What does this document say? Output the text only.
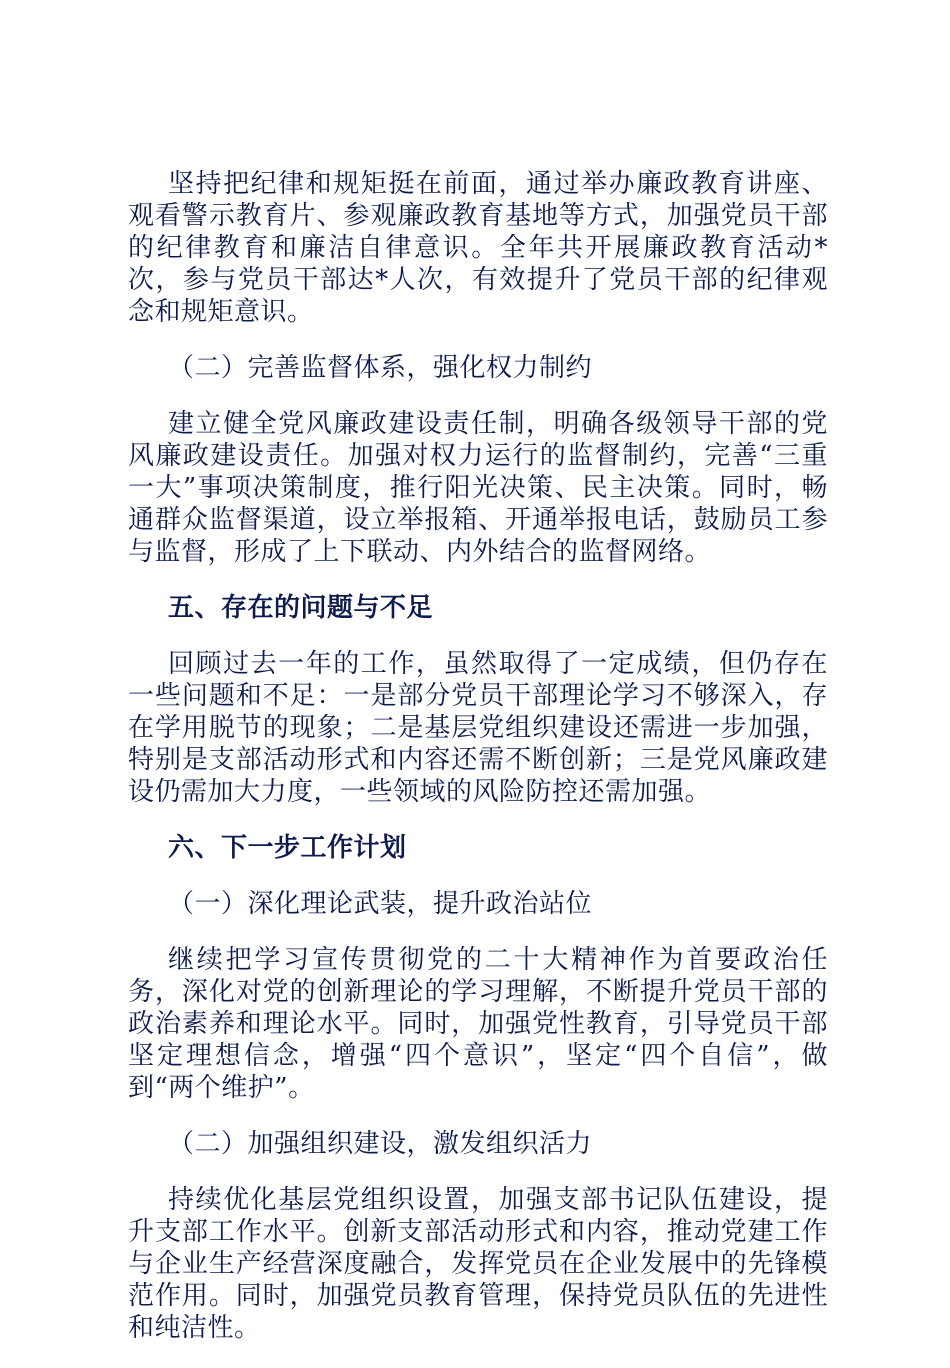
坚持把纪律和规矩挺在前面，通过举办廉政教育讲座、观看警示教育片、参观廉政教育基地等方式，加强党员干部的纪律教育和廉洁自律意识。全年共开展廉政教育活动*次，参与党员干部达*人次，有效提升了党员干部的纪律观念和规矩意识。

（二）完善监督体系，强化权力制约

建立健全党风廉政建设责任制，明确各级领导干部的党风廉政建设责任。加强对权力运行的监督制约，完善“三重一大”事项决策制度，推行阳光决策、民主决策。同时，畅通群众监督渠道，设立举报箱、开通举报电话，鼓励员工参与监督，形成了上下联动、内外结合的监督网络。

五、存在的问题与不足

回顾过去一年的工作，虽然取得了一定成绩，但仍存在一些问题和不足：一是部分党员干部理论学习不够深入，存在学用脱节的现象；二是基层党组织建设还需进一步加强，特别是支部活动形式和内容还需不断创新；三是党风廉政建设仍需加大力度，一些领域的风险防控还需加强。

六、下一步工作计划

（一）深化理论武装，提升政治站位

继续把学习宣传贯彻党的二十大精神作为首要政治任务，深化对党的创新理论的学习理解，不断提升党员干部的政治素养和理论水平。同时，加强党性教育，引导党员干部坚定理想信念，增强“四个意识”，坚定“四个自信”，做到“两个维护”。

（二）加强组织建设，激发组织活力

持续优化基层党组织设置，加强支部书记队伍建设，提升支部工作水平。创新支部活动形式和内容，推动党建工作与企业生产经营深度融合，发挥党员在企业发展中的先锋模范作用。同时，加强党员教育管理，保持党员队伍的先进性和纯洁性。
